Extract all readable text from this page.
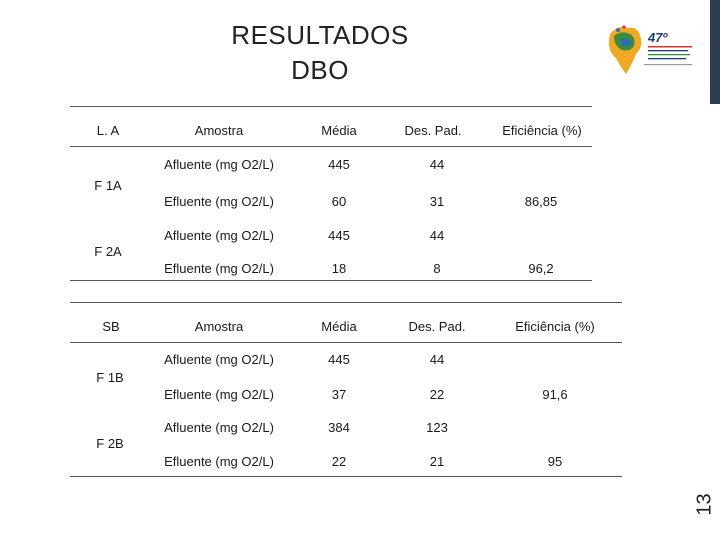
RESULTADOS
DBO
47º
13
L. A	Amostra	Média	Des. Pad.	Eficiência (%)
F 1A
Afluente (mg O2/L)	445	44
Efluente (mg O2/L)	60	31	86,85
F 2A
Afluente (mg O2/L)	445	44
Efluente (mg O2/L)	18	8	96,2
SB	Amostra	Média	Des. Pad.	Eficiência (%)
F 1B
Afluente (mg O2/L)	445	44
Efluente (mg O2/L)	37	22	91,6
F 2B
Afluente (mg O2/L)	384	123
Efluente (mg O2/L)	22	21	95
